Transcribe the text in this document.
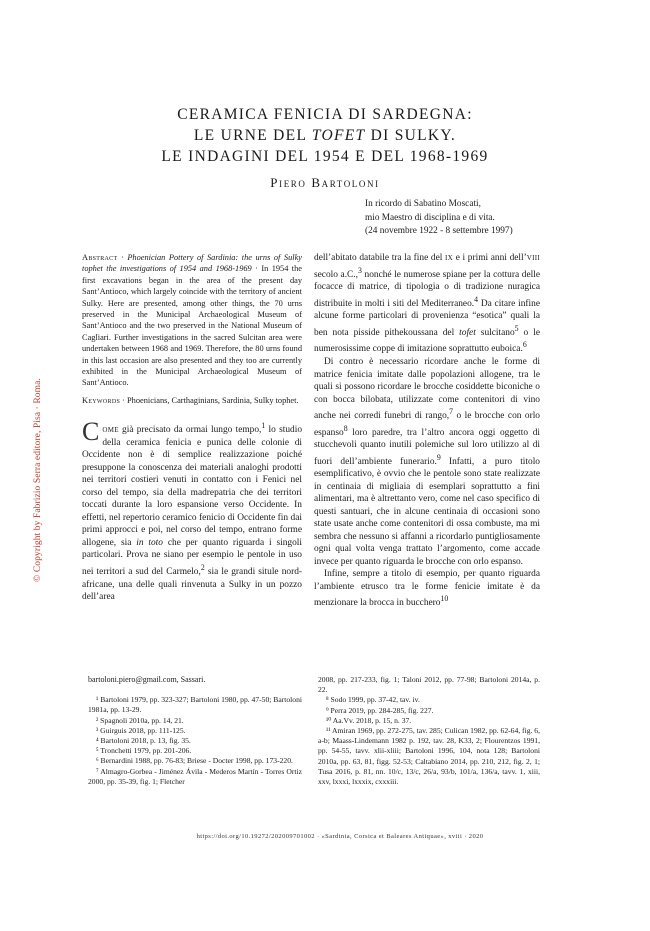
© Copyright by Fabrizio Serra editore, Pisa · Roma.
CERAMICA FENICIA DI SARDEGNA:
LE URNE DEL TOFET DI SULKY.
LE INDAGINI DEL 1954 E DEL 1968-1969
Piero Bartoloni
In ricordo di Sabatino Moscati,
mio Maestro di disciplina e di vita.
(24 novembre 1922 - 8 settembre 1997)

Abstract · Phoenician Pottery of Sardinia: the urns of Sulky tophet the investigations of 1954 and 1968-1969 · In 1954 the first excavations began in the area of the present day Sant’Antioco, which largely coincide with the territory of ancient Sulky. Here are presented, among other things, the 70 urns preserved in the Municipal Archaeological Museum of Sant’Antioco and the two preserved in the National Museum of Cagliari. Further investigations in the sacred Sulcitan area were undertaken between 1968 and 1969. Therefore, the 80 urns found in this last occasion are also presented and they too are currently exhibited in the Municipal Archaeological Museum of Sant’Antioco.

Keywords · Phoenicians, Carthaginians, Sardinia, Sulky tophet.

Come già precisato da ormai lungo tempo,$^1$ lo studio della ceramica fenicia e punica delle colonie di Occidente non è di semplice realizzazione poiché presuppone la conoscenza dei materiali analoghi prodotti nei territori costieri venuti in contatto con i Fenici nel corso del tempo, sia della madrepatria che dei territori toccati durante la loro espansione verso Occidente. In effetti, nel repertorio ceramico fenicio di Occidente fin dai primi approcci e poi, nel corso del tempo, entrano forme allogene, sia in toto che per quanto riguarda i singoli particolari. Prova ne siano per esempio le pentole in uso nei territori a sud del Carmelo,$^2$ sia le grandi situle nord-africane, una delle quali rinvenuta a Sulky in un pozzo dell’area

dell’abitato databile tra la fine del ix e i primi anni dell’viii secolo a.C.,$^3$ nonché le numerose spiane per la cottura delle focacce di matrice, di tipologia o di tradizione nuragica distribuite in molti i siti del Mediterraneo.$^4$ Da citare infine alcune forme particolari di provenienza “esotica” quali la ben nota pisside pithekoussana del tofet sulcitano$^5$ o le numerosissime coppe di imitazione soprattutto euboica.$^6$

Di contro è necessario ricordare anche le forme di matrice fenicia imitate dalle popolazioni allogene, tra le quali si possono ricordare le brocche cosiddette biconiche o con bocca bilobata, utilizzate come contenitori di vino anche nei corredi funebri di rango,$^7$ o le brocche con orlo espanso$^8$ loro paredre, tra l’altro ancora oggi oggetto di stucchevoli quanto inutili polemiche sul loro utilizzo al di fuori dell’ambiente funerario.$^9$ Infatti, a puro titolo esemplificativo, è ovvio che le pentole sono state realizzate in centinaia di migliaia di esemplari soprattutto a fini alimentari, ma è altrettanto vero, come nel caso specifico di questi santuari, che in alcune centinaia di occasioni sono state usate anche come contenitori di ossa combuste, ma mi sembra che nessuno si affanni a ricordarlo puntigliosamente ogni qual volta venga trattato l’argomento, come accade invece per quanto riguarda le brocche con orlo espanso.

Infine, sempre a titolo di esempio, per quanto riguarda l’ambiente etrusco tra le forme fenicie imitate è da menzionare la brocca in bucchero$^{10}$

bartoloni.piero@gmail.com, Sassari.

¹ Bartoloni 1979, pp. 323-327; Bartoloni 1980, pp. 47-50; Bartoloni 1981a, pp. 13-29.

² Spagnoli 2010a, pp. 14, 21.

³ Guirguis 2018, pp. 111-125.

⁴ Bartoloni 2018, p. 13, fig. 35.

⁵ Tronchetti 1979, pp. 201-206.

⁶ Bernardini 1988, pp. 76-83; Briese - Docter 1998, pp. 173-220.

⁷ Almagro-Gorbea - Jiménez Ávila - Mederos Martín - Torres Ortiz 2000, pp. 35-39, fig. 1; Fletcher

2008, pp. 217-233, fig. 1; Taloni 2012, pp. 77-98; Bartoloni 2014a, p. 22.

⁸ Sodo 1999, pp. 37-42, tav. iv.

⁹ Perra 2019, pp. 284-285, fig. 227.

¹⁰ Aa.Vv. 2018, p. 15, n. 37.

¹¹ Amiran 1969, pp. 272-275, tav. 285; Culican 1982, pp. 62-64, fig. 6, a-b; Maass-Lindemann 1982 p. 192, tav. 28, K33, 2; Flourentzos 1991, pp. 54-55, tavv. xlii-xliii; Bartoloni 1996, 104, nota 128; Bartoloni 2010a, pp. 63, 81, figg. 52-53; Caltabiano 2014, pp. 210, 212, fig. 2, 1; Tusa 2016, p. 81, nn. 10/c, 13/c, 26/a, 93/b, 101/a, 136/a, tavv. 1, xiii, xxv, lxxxi, lxxxix, cxxxiii.

https://doi.org/10.19272/202009701002 · «Sardinia, Corsica et Baleares Antiquae», xviii · 2020
